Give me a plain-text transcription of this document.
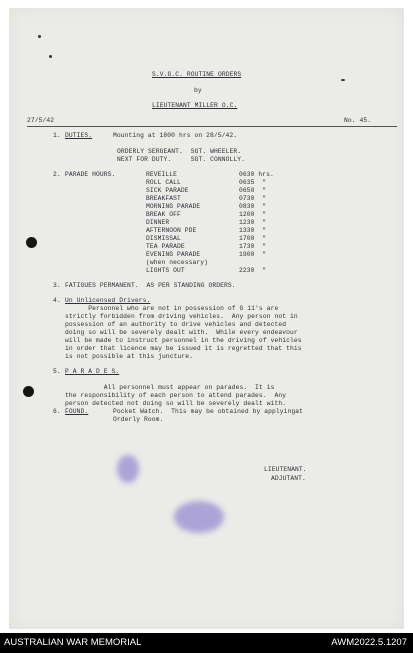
S.V.G.C. ROUTINE ORDERS
by
LIEUTENANT MILLER O.C.
27/5/42	No. 45.
1. DUTIES.	Mounting at 1800 hrs on 28/5/42.
ORDERLY SERGEANT.  SGT. WHEELER.
NEXT FOR DUTY.     SGT. CONNOLLY.
2. PARADE HOURS.	REVEILLE	0630 hrs.
ROLL CALL	0635  "
SICK PARADE	0650  "
BREAKFAST	0730  "
MORNING PARADE	0830  "
BREAK OFF	1200  "
DINNER	1230  "
AFTERNOON PDE	1330  "
DISMISSAL	1700  "
TEA PARADE	1730  "
EVENING PARADE	1900  "
(when necessary)
LIGHTS OUT	2230  "
3. FATIGUES PERMANENT.  AS PER STANDING ORDERS.
4. Un Unlicensed Drivers.
Personnel who are not in possession of G 11's are
strictly forbidden from driving vehicles.  Any person not in
possession of an authority to drive vehicles and detected
doing so will be severely dealt with.  While every endeavour
will be made to instruct personnel in the driving of vehicles
in order that licence may be issued it is regretted that this
is not possible at this juncture.
5. P A R A D E S.
All personnel must appear on parades.  It is
the responsibility of each person to attend parades.  Any
person detected not doing so will be severely dealt with.
6. FOUND.	Pocket Watch.  This may be obtained by applyingat
Orderly Room.
LIEUTENANT.
ADJUTANT.
AUSTRALIAN WAR MEMORIAL	AWM2022.5.1207
